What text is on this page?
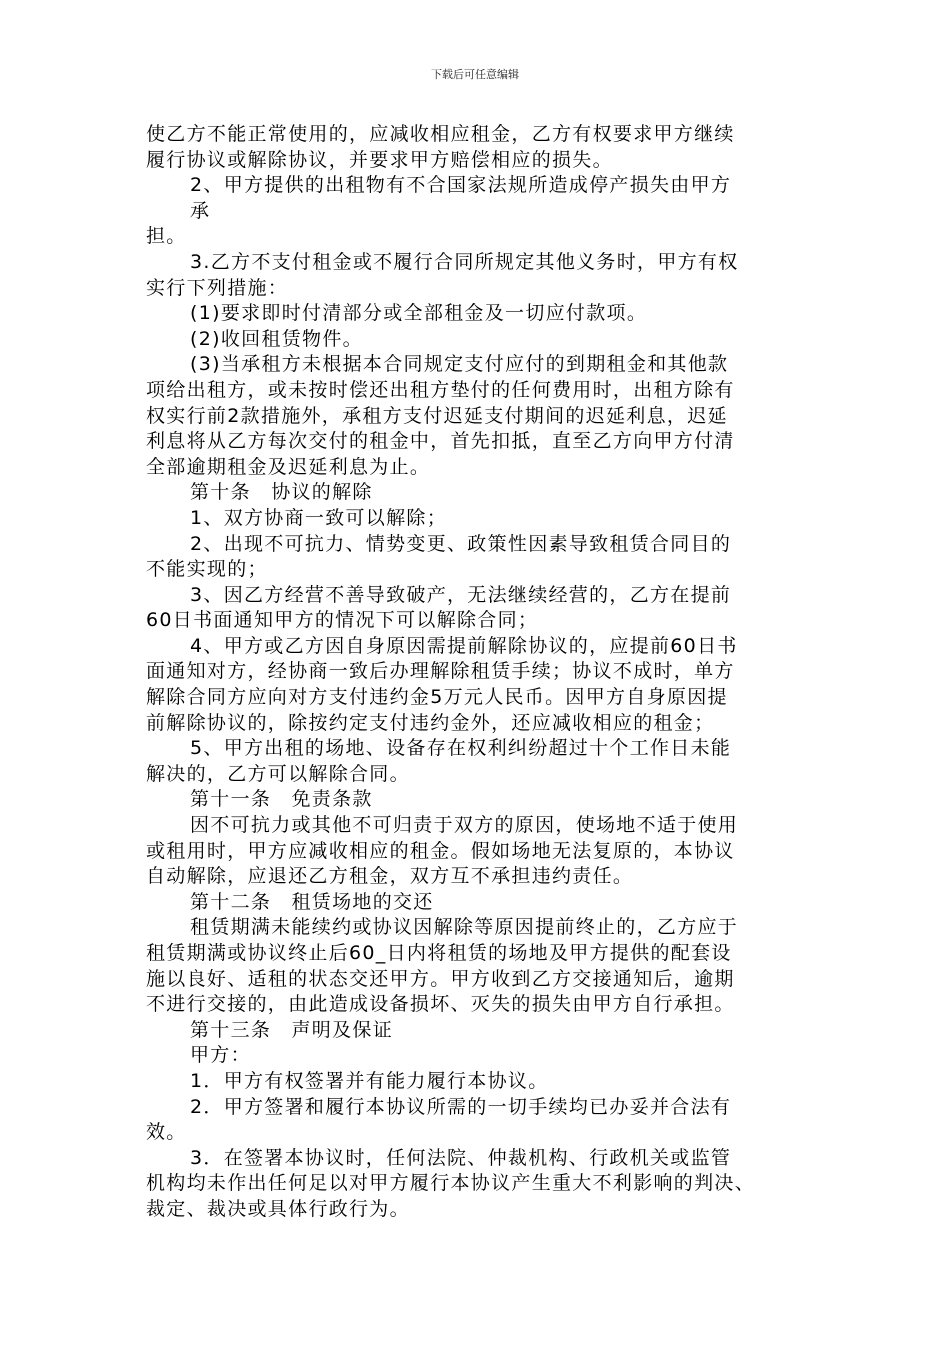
下载后可任意编辑
使乙方不能正常使用的，应减收相应租金，乙方有权要求甲方继续
履行协议或解除协议，并要求甲方赔偿相应的损失。
2、甲方提供的出租物有不合国家法规所造成停产损失由甲方
承
担。
3.乙方不支付租金或不履行合同所规定其他义务时，甲方有权
实行下列措施：
(1)要求即时付清部分或全部租金及一切应付款项。
(2)收回租赁物件。
(3)当承租方未根据本合同规定支付应付的到期租金和其他款
项给出租方，或未按时偿还出租方垫付的任何费用时，出租方除有
权实行前2款措施外，承租方支付迟延支付期间的迟延利息，迟延
利息将从乙方每次交付的租金中，首先扣抵，直至乙方向甲方付清
全部逾期租金及迟延利息为止。
第十条　协议的解除
1、双方协商一致可以解除；
2、出现不可抗力、情势变更、政策性因素导致租赁合同目的
不能实现的；
3、因乙方经营不善导致破产，无法继续经营的，乙方在提前
60日书面通知甲方的情况下可以解除合同；
4、甲方或乙方因自身原因需提前解除协议的，应提前60日书
面通知对方，经协商一致后办理解除租赁手续；协议不成时，单方
解除合同方应向对方支付违约金5万元人民币。因甲方自身原因提
前解除协议的，除按约定支付违约金外，还应减收相应的租金；
5、甲方出租的场地、设备存在权利纠纷超过十个工作日未能
解决的，乙方可以解除合同。
第十一条　免责条款
因不可抗力或其他不可归责于双方的原因，使场地不适于使用
或租用时，甲方应减收相应的租金。假如场地无法复原的，本协议
自动解除，应退还乙方租金，双方互不承担违约责任。
第十二条　租赁场地的交还
租赁期满未能续约或协议因解除等原因提前终止的，乙方应于
租赁期满或协议终止后60_日内将租赁的场地及甲方提供的配套设
施以良好、适租的状态交还甲方。甲方收到乙方交接通知后，逾期
不进行交接的，由此造成设备损坏、灭失的损失由甲方自行承担。
第十三条　声明及保证
甲方：
1．甲方有权签署并有能力履行本协议。
2．甲方签署和履行本协议所需的一切手续均已办妥并合法有
效。
3．在签署本协议时，任何法院、仲裁机构、行政机关或监管
机构均未作出任何足以对甲方履行本协议产生重大不利影响的判决、
裁定、裁决或具体行政行为。
